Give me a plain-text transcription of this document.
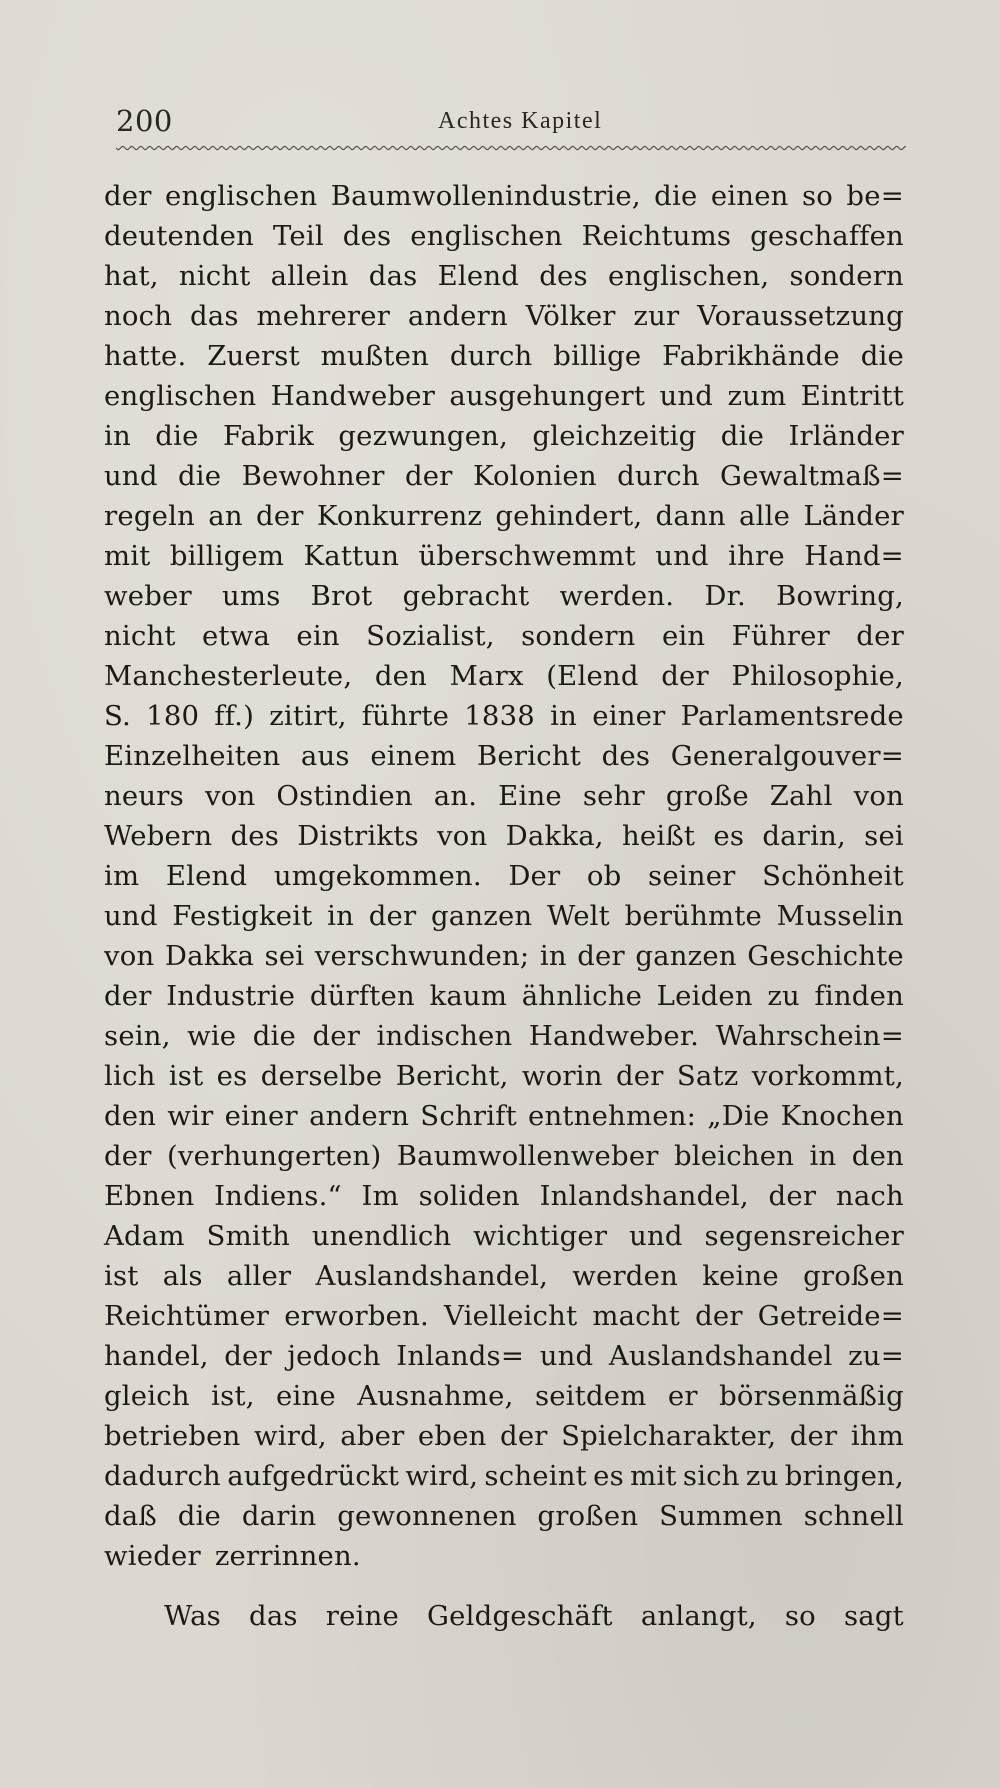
200	Achtes Kapitel
der englischen Baumwollenindustrie, die einen so be=
deutenden Teil des englischen Reichtums geschaffen
hat, nicht allein das Elend des englischen, sondern
noch das mehrerer andern Völker zur Voraussetzung
hatte. Zuerst mußten durch billige Fabrikhände die
englischen Handweber ausgehungert und zum Eintritt
in die Fabrik gezwungen, gleichzeitig die Irländer
und die Bewohner der Kolonien durch Gewaltmaß=
regeln an der Konkurrenz gehindert, dann alle Länder
mit billigem Kattun überschwemmt und ihre Hand=
weber ums Brot gebracht werden. Dr. Bowring,
nicht etwa ein Sozialist, sondern ein Führer der
Manchesterleute, den Marx (Elend der Philosophie,
S. 180 ff.) zitirt, führte 1838 in einer Parlamentsrede
Einzelheiten aus einem Bericht des Generalgouver=
neurs von Ostindien an. Eine sehr große Zahl von
Webern des Distrikts von Dakka, heißt es darin, sei
im Elend umgekommen. Der ob seiner Schönheit
und Festigkeit in der ganzen Welt berühmte Musselin
von Dakka sei verschwunden; in der ganzen Geschichte
der Industrie dürften kaum ähnliche Leiden zu finden
sein, wie die der indischen Handweber. Wahrschein=
lich ist es derselbe Bericht, worin der Satz vorkommt,
den wir einer andern Schrift entnehmen: „Die Knochen
der (verhungerten) Baumwollenweber bleichen in den
Ebnen Indiens.“ Im soliden Inlandshandel, der nach
Adam Smith unendlich wichtiger und segensreicher
ist als aller Auslandshandel, werden keine großen
Reichtümer erworben. Vielleicht macht der Getreide=
handel, der jedoch Inlands= und Auslandshandel zu=
gleich ist, eine Ausnahme, seitdem er börsenmäßig
betrieben wird, aber eben der Spielcharakter, der ihm
dadurch aufgedrückt wird, scheint es mit sich zu bringen,
daß die darin gewonnenen großen Summen schnell
wieder zerrinnen.
Was das reine Geldgeschäft anlangt, so sagt
